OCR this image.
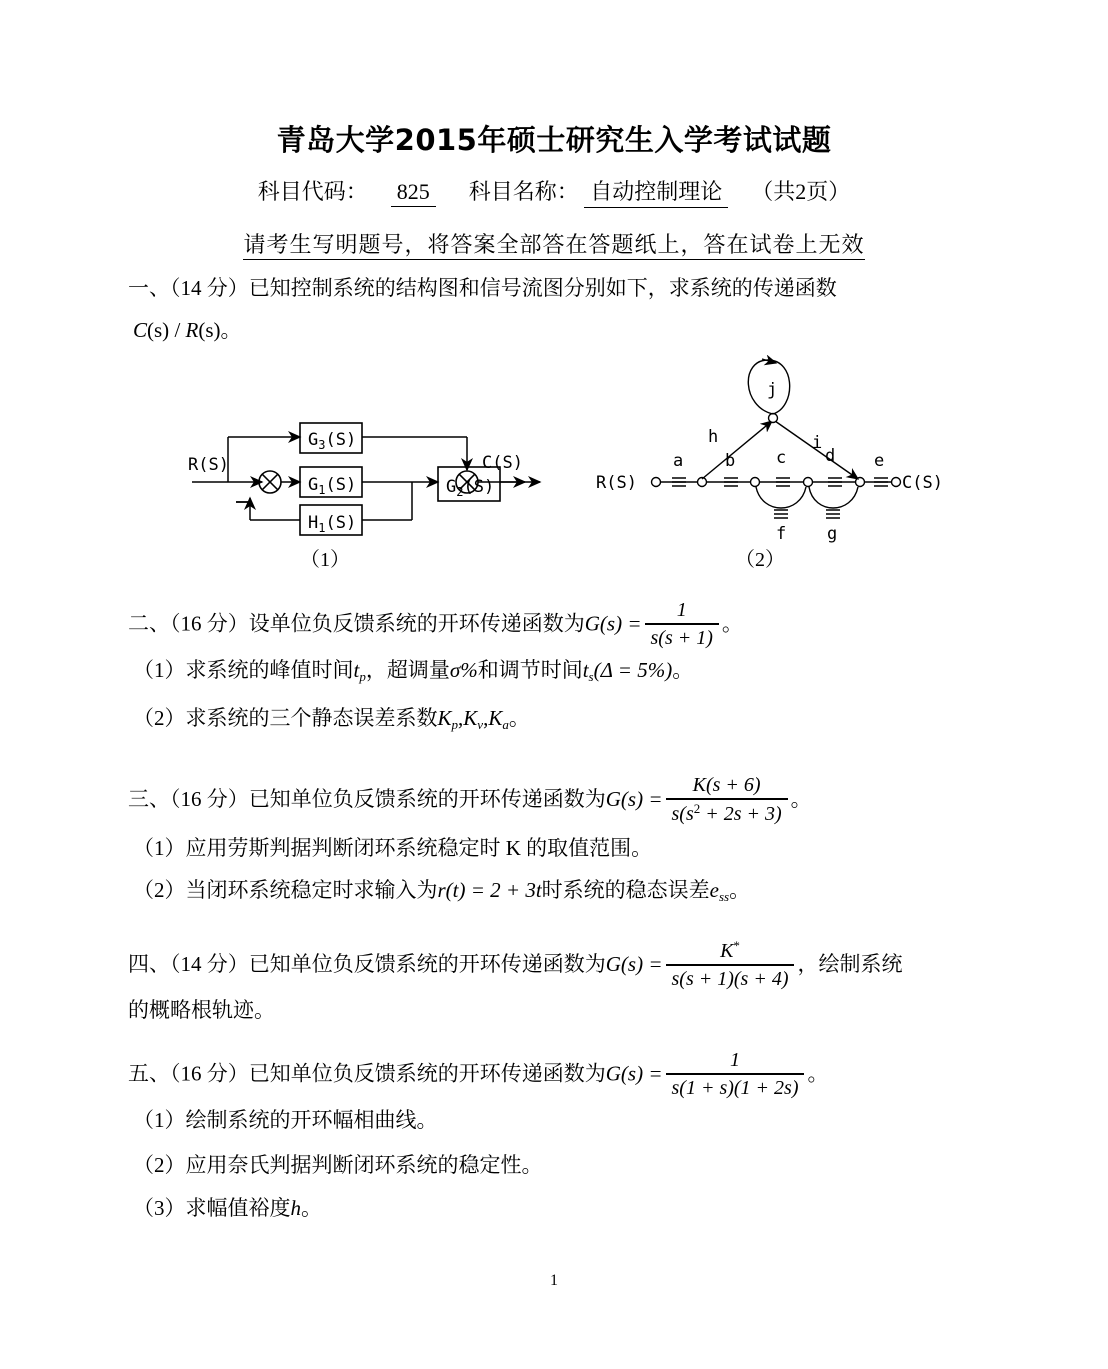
青岛大学2015年硕士研究生入学考试试题
科目代码： 825 科目名称： 自动控制理论 （共2页）
请考生写明题号，将答案全部答在答题纸上，答在试卷上无效
一、（14 分）已知控制系统的结构图和信号流图分别如下，求系统的传递函数
C(s) / R(s)。
R(S)	C(S)
$G_3(S)$
$G_1(S)$	$G_2(S)$
$H_1(S)$
（1）
R(S)	C(S)
a b c d e
f g
h	i
j
（2）
二、（16 分）设单位负反馈系统的开环传递函数为$G(s) = \frac{1}{s(s + 1)}$ 。
（1）求系统的峰值时间$t_p$，超调量σ%和调节时间$t_s(\Delta = 5\%)$。
（2）求系统的三个静态误差系数$K_p,K_v,K_a$。
三、（16 分）已知单位负反馈系统的开环传递函数为$G(s) = \frac{K(s + 6)}{s(s^2 + 2s + 3)}$ 。
（1）应用劳斯判据判断闭环系统稳定时 K 的取值范围。
（2）当闭环系统稳定时求输入为r(t) = 2 + 3t时系统的稳态误差$e_{ss}$。
四、（14 分）已知单位负反馈系统的开环传递函数为$G(s) = \frac{K^*}{s(s + 1)(s + 4)}$ ，绘制系统
的概略根轨迹。
五、（16 分）已知单位负反馈系统的开环传递函数为$G(s) = \frac{1}{s(1 + s)(1 + 2s)}$ 。
（1）绘制系统的开环幅相曲线。
（2）应用奈氏判据判断闭环系统的稳定性。
（3）求幅值裕度h。
1
